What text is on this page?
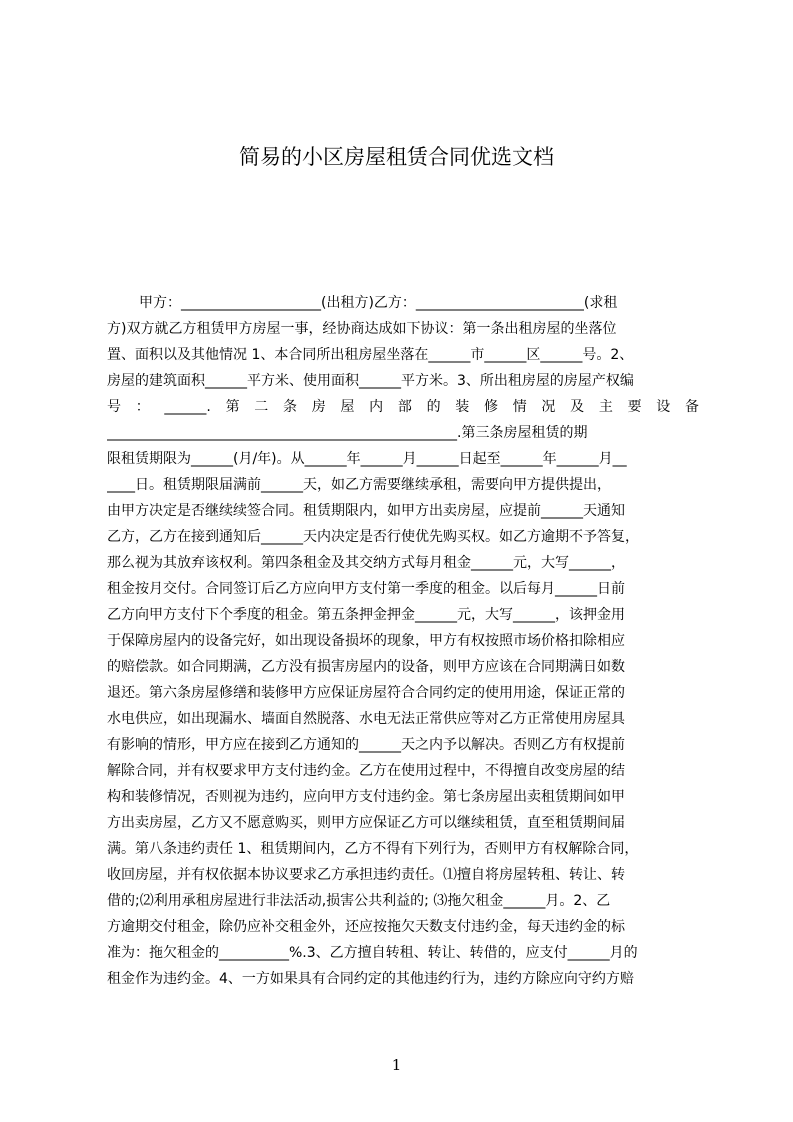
简易的小区房屋租赁合同优选文档
甲方：____________________(出租方)乙方：________________________(求租
方)双方就乙方租赁甲方房屋一事，经协商达成如下协议：第一条出租房屋的坐落位
置、面积以及其他情况 1、本合同所出租房屋坐落在______市______区______号。2、
房屋的建筑面积______平方米、使用面积______平方米。3、所出租房屋的房屋产权编
号：______.第二条房屋内部的装修情况及主要设备
__________________________________________________.第三条房屋租赁的期
限租赁期限为______(月/年)。从______年______月______日起至______年______月__
____日。租赁期限届满前______天，如乙方需要继续承租，需要向甲方提供提出，
由甲方决定是否继续续签合同。租赁期限内，如甲方出卖房屋，应提前______天通知
乙方，乙方在接到通知后______天内决定是否行使优先购买权。如乙方逾期不予答复，
那么视为其放弃该权利。第四条租金及其交纳方式每月租金______元，大写______，
租金按月交付。合同签订后乙方应向甲方支付第一季度的租金。以后每月______日前
乙方向甲方支付下个季度的租金。第五条押金押金______元，大写______，该押金用
于保障房屋内的设备完好，如出现设备损坏的现象，甲方有权按照市场价格扣除相应
的赔偿款。如合同期满，乙方没有损害房屋内的设备，则甲方应该在合同期满日如数
退还。第六条房屋修缮和装修甲方应保证房屋符合合同约定的使用用途，保证正常的
水电供应，如出现漏水、墙面自然脱落、水电无法正常供应等对乙方正常使用房屋具
有影响的情形，甲方应在接到乙方通知的______天之内予以解决。否则乙方有权提前
解除合同，并有权要求甲方支付违约金。乙方在使用过程中，不得擅自改变房屋的结
构和装修情况，否则视为违约，应向甲方支付违约金。第七条房屋出卖租赁期间如甲
方出卖房屋，乙方又不愿意购买，则甲方应保证乙方可以继续租赁，直至租赁期间届
满。第八条违约责任 1、租赁期间内，乙方不得有下列行为，否则甲方有权解除合同，
收回房屋，并有权依据本协议要求乙方承担违约责任。⑴擅自将房屋转租、转让、转
借的;⑵利用承租房屋进行非法活动,损害公共利益的; ⑶拖欠租金______月。2、乙
方逾期交付租金，除仍应补交租金外，还应按拖欠天数支付违约金，每天违约金的标
准为：拖欠租金的__________%.3、乙方擅自转租、转让、转借的，应支付______月的
租金作为违约金。4、一方如果具有合同约定的其他违约行为，违约方除应向守约方赔
1
